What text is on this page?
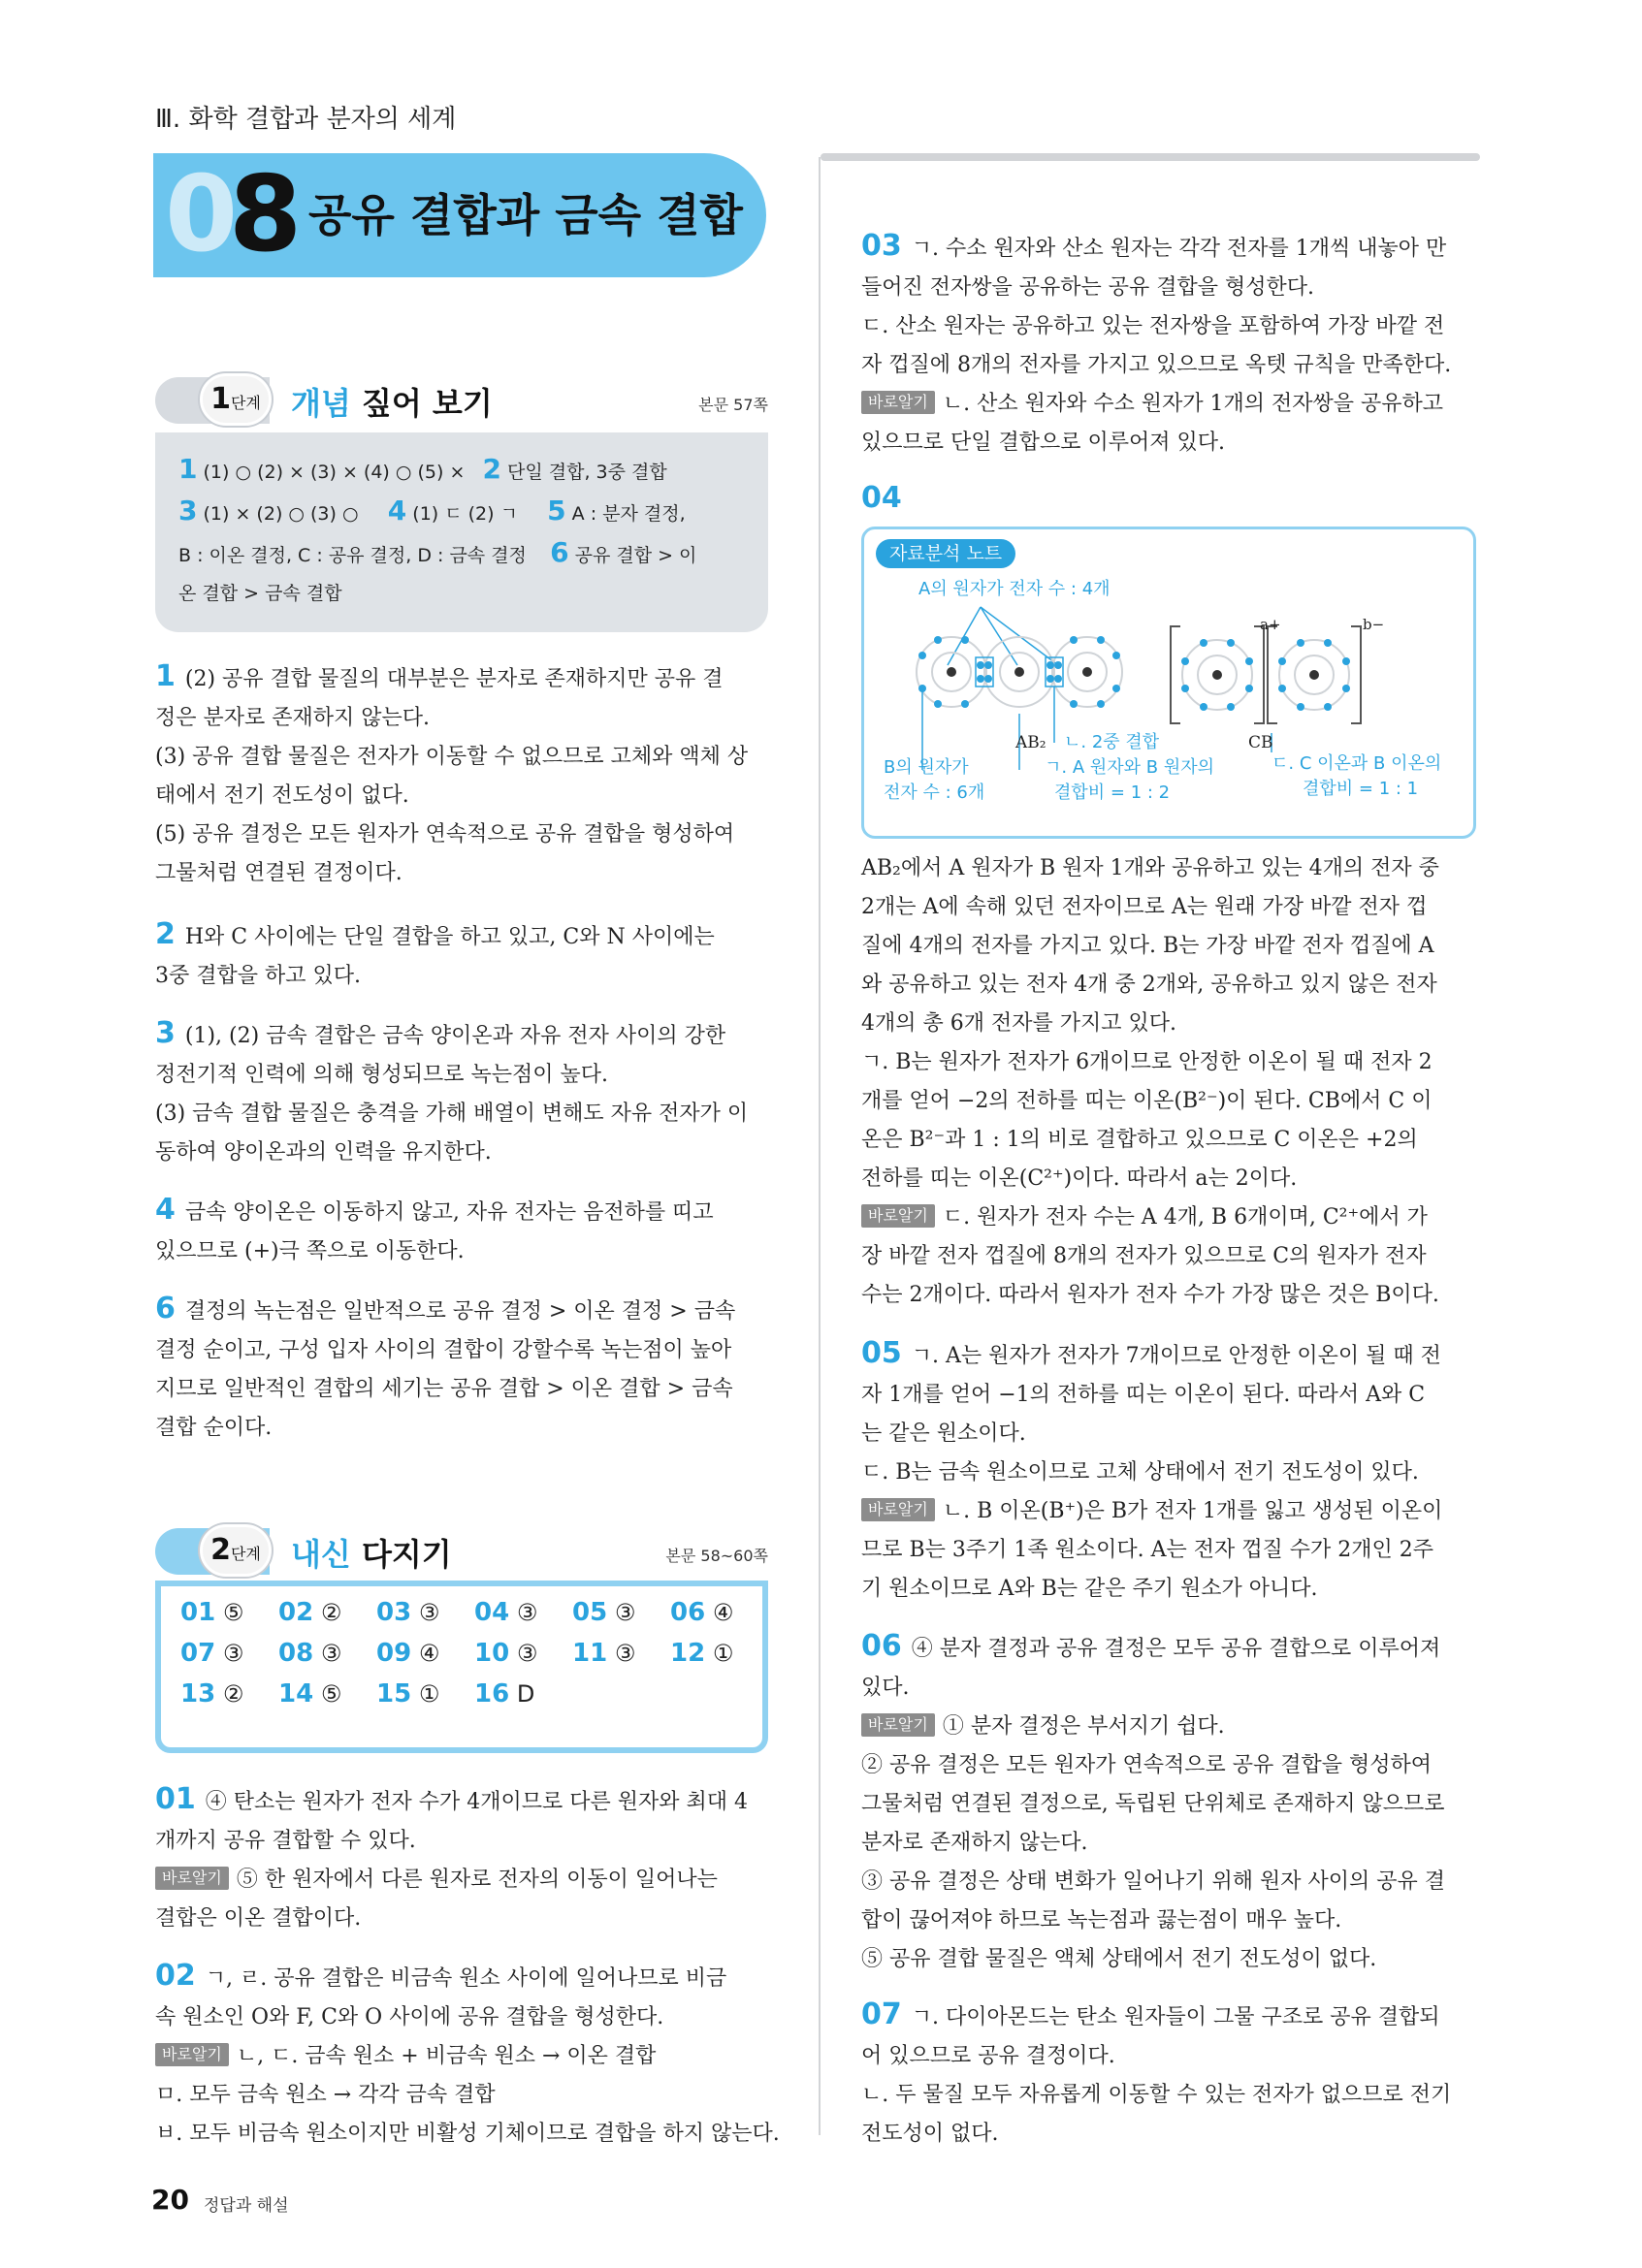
Ⅲ. 화학 결합과 분자의 세계
0
8 공유 결합과 금속 결합
1단계 개념 짚어 보기	본문 57쪽
1 (1) ○ (2) × (3) × (4) ○ (5) ×   2 단일 결합, 3중 결합
3 (1) × (2) ○ (3) ○     4 (1) ㄷ (2) ㄱ     5 A : 분자 결정,
B : 이온 결정, C : 공유 결정, D : 금속 결정    6 공유 결합 > 이
온 결합 > 금속 결합
1 (2) 공유 결합 물질의 대부분은 분자로 존재하지만 공유 결
정은 분자로 존재하지 않는다.
(3) 공유 결합 물질은 전자가 이동할 수 없으므로 고체와 액체 상
태에서 전기 전도성이 없다.
(5) 공유 결정은 모든 원자가 연속적으로 공유 결합을 형성하여
그물처럼 연결된 결정이다.
2 H와 C 사이에는 단일 결합을 하고 있고, C와 N 사이에는
3중 결합을 하고 있다.
3 (1), (2) 금속 결합은 금속 양이온과 자유 전자 사이의 강한
정전기적 인력에 의해 형성되므로 녹는점이 높다.
(3) 금속 결합 물질은 충격을 가해 배열이 변해도 자유 전자가 이
동하여 양이온과의 인력을 유지한다.
4 금속 양이온은 이동하지 않고, 자유 전자는 음전하를 띠고
있으므로 (+)극 쪽으로 이동한다.
6 결정의 녹는점은 일반적으로 공유 결정 > 이온 결정 > 금속
결정 순이고, 구성 입자 사이의 결합이 강할수록 녹는점이 높아
지므로 일반적인 결합의 세기는 공유 결합 > 이온 결합 > 금속
결합 순이다.
2단계 내신 다지기	본문 58~60쪽
01 ⑤	02 ②	03 ③	04 ③	05 ③	06 ④
07 ③	08 ③	09 ④	10 ③	11 ③	12 ①
13 ②	14 ⑤	15 ①	16 D
01 ④ 탄소는 원자가 전자 수가 4개이므로 다른 원자와 최대 4
개까지 공유 결합할 수 있다.
바로알기 ⑤ 한 원자에서 다른 원자로 전자의 이동이 일어나는
결합은 이온 결합이다.
02 ㄱ, ㄹ. 공유 결합은 비금속 원소 사이에 일어나므로 비금
속 원소인 O와 F, C와 O 사이에 공유 결합을 형성한다.
바로알기 ㄴ, ㄷ. 금속 원소 + 비금속 원소 → 이온 결합
ㅁ. 모두 금속 원소 → 각각 금속 결합
ㅂ. 모두 비금속 원소이지만 비활성 기체이므로 결합을 하지 않는다.
03 ㄱ. 수소 원자와 산소 원자는 각각 전자를 1개씩 내놓아 만
들어진 전자쌍을 공유하는 공유 결합을 형성한다.
ㄷ. 산소 원자는 공유하고 있는 전자쌍을 포함하여 가장 바깥 전
자 껍질에 8개의 전자를 가지고 있으므로 옥텟 규칙을 만족한다.
바로알기 ㄴ. 산소 원자와 수소 원자가 1개의 전자쌍을 공유하고
있으므로 단일 결합으로 이루어져 있다.
04
자료분석 노트
A의 원자가 전자 수 : 4개
a+	b−
ㄴ. 2중 결합
AB₂	CB
B의 원자가
전자 수 : 6개
ㄱ. A 원자와 B 원자의
결합비 = 1 : 2
ㄷ. C 이온과 B 이온의
결합비 = 1 : 1
AB₂에서 A 원자가 B 원자 1개와 공유하고 있는 4개의 전자 중
2개는 A에 속해 있던 전자이므로 A는 원래 가장 바깥 전자 껍
질에 4개의 전자를 가지고 있다. B는 가장 바깥 전자 껍질에 A
와 공유하고 있는 전자 4개 중 2개와, 공유하고 있지 않은 전자
4개의 총 6개 전자를 가지고 있다.
ㄱ. B는 원자가 전자가 6개이므로 안정한 이온이 될 때 전자 2
개를 얻어 −2의 전하를 띠는 이온(B²⁻)이 된다. CB에서 C 이
온은 B²⁻과 1 : 1의 비로 결합하고 있으므로 C 이온은 +2의
전하를 띠는 이온(C²⁺)이다. 따라서 a는 2이다.
바로알기 ㄷ. 원자가 전자 수는 A 4개, B 6개이며, C²⁺에서 가
장 바깥 전자 껍질에 8개의 전자가 있으므로 C의 원자가 전자
수는 2개이다. 따라서 원자가 전자 수가 가장 많은 것은 B이다.
05 ㄱ. A는 원자가 전자가 7개이므로 안정한 이온이 될 때 전
자 1개를 얻어 −1의 전하를 띠는 이온이 된다. 따라서 A와 C
는 같은 원소이다.
ㄷ. B는 금속 원소이므로 고체 상태에서 전기 전도성이 있다.
바로알기 ㄴ. B 이온(B⁺)은 B가 전자 1개를 잃고 생성된 이온이
므로 B는 3주기 1족 원소이다. A는 전자 껍질 수가 2개인 2주
기 원소이므로 A와 B는 같은 주기 원소가 아니다.
06 ④ 분자 결정과 공유 결정은 모두 공유 결합으로 이루어져
있다.
바로알기 ① 분자 결정은 부서지기 쉽다.
② 공유 결정은 모든 원자가 연속적으로 공유 결합을 형성하여
그물처럼 연결된 결정으로, 독립된 단위체로 존재하지 않으므로
분자로 존재하지 않는다.
③ 공유 결정은 상태 변화가 일어나기 위해 원자 사이의 공유 결
합이 끊어져야 하므로 녹는점과 끓는점이 매우 높다.
⑤ 공유 결합 물질은 액체 상태에서 전기 전도성이 없다.
07 ㄱ. 다이아몬드는 탄소 원자들이 그물 구조로 공유 결합되
어 있으므로 공유 결정이다.
ㄴ. 두 물질 모두 자유롭게 이동할 수 있는 전자가 없으므로 전기
전도성이 없다.
20 정답과 해설
